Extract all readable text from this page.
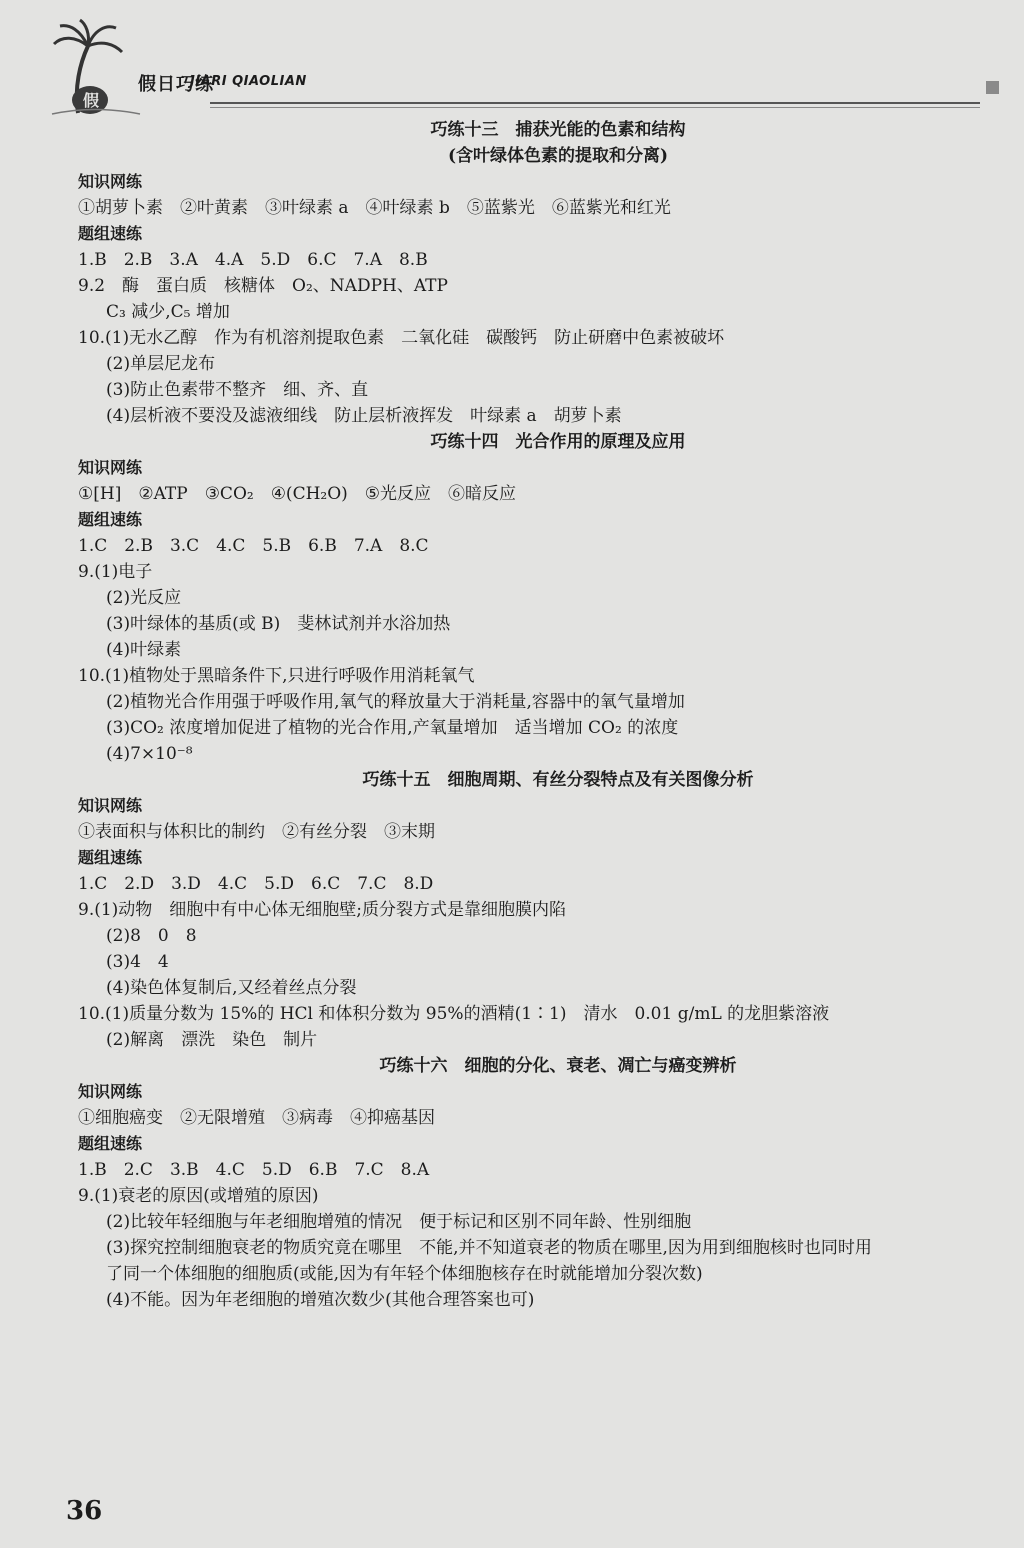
假
假日巧练
JIARI QIAOLIAN
巧练十三　捕获光能的色素和结构
(含叶绿体色素的提取和分离)
知识网练
①胡萝卜素　②叶黄素　③叶绿素 a　④叶绿素 b　⑤蓝紫光　⑥蓝紫光和红光
题组速练
1.B　2.B　3.A　4.A　5.D　6.C　7.A　8.B
9.2　酶　蛋白质　核糖体　O₂、NADPH、ATP
C₃ 减少,C₅ 增加
10.(1)无水乙醇　作为有机溶剂提取色素　二氧化硅　碳酸钙　防止研磨中色素被破坏
(2)单层尼龙布
(3)防止色素带不整齐　细、齐、直
(4)层析液不要没及滤液细线　防止层析液挥发　叶绿素 a　胡萝卜素
巧练十四　光合作用的原理及应用
知识网练
①[H]　②ATP　③CO₂　④(CH₂O)　⑤光反应　⑥暗反应
题组速练
1.C　2.B　3.C　4.C　5.B　6.B　7.A　8.C
9.(1)电子
(2)光反应
(3)叶绿体的基质(或 B)　斐林试剂并水浴加热
(4)叶绿素
10.(1)植物处于黑暗条件下,只进行呼吸作用消耗氧气
(2)植物光合作用强于呼吸作用,氧气的释放量大于消耗量,容器中的氧气量增加
(3)CO₂ 浓度增加促进了植物的光合作用,产氧量增加　适当增加 CO₂ 的浓度
(4)7×10⁻⁸
巧练十五　细胞周期、有丝分裂特点及有关图像分析
知识网练
①表面积与体积比的制约　②有丝分裂　③末期
题组速练
1.C　2.D　3.D　4.C　5.D　6.C　7.C　8.D
9.(1)动物　细胞中有中心体无细胞壁;质分裂方式是靠细胞膜内陷
(2)8　0　8
(3)4　4
(4)染色体复制后,又经着丝点分裂
10.(1)质量分数为 15%的 HCl 和体积分数为 95%的酒精(1∶1)　清水　0.01 g/mL 的龙胆紫溶液
(2)解离　漂洗　染色　制片
巧练十六　细胞的分化、衰老、凋亡与癌变辨析
知识网练
①细胞癌变　②无限增殖　③病毒　④抑癌基因
题组速练
1.B　2.C　3.B　4.C　5.D　6.B　7.C　8.A
9.(1)衰老的原因(或增殖的原因)
(2)比较年轻细胞与年老细胞增殖的情况　便于标记和区别不同年龄、性别细胞
(3)探究控制细胞衰老的物质究竟在哪里　不能,并不知道衰老的物质在哪里,因为用到细胞核时也同时用
了同一个体细胞的细胞质(或能,因为有年轻个体细胞核存在时就能增加分裂次数)
(4)不能。因为年老细胞的增殖次数少(其他合理答案也可)
36
